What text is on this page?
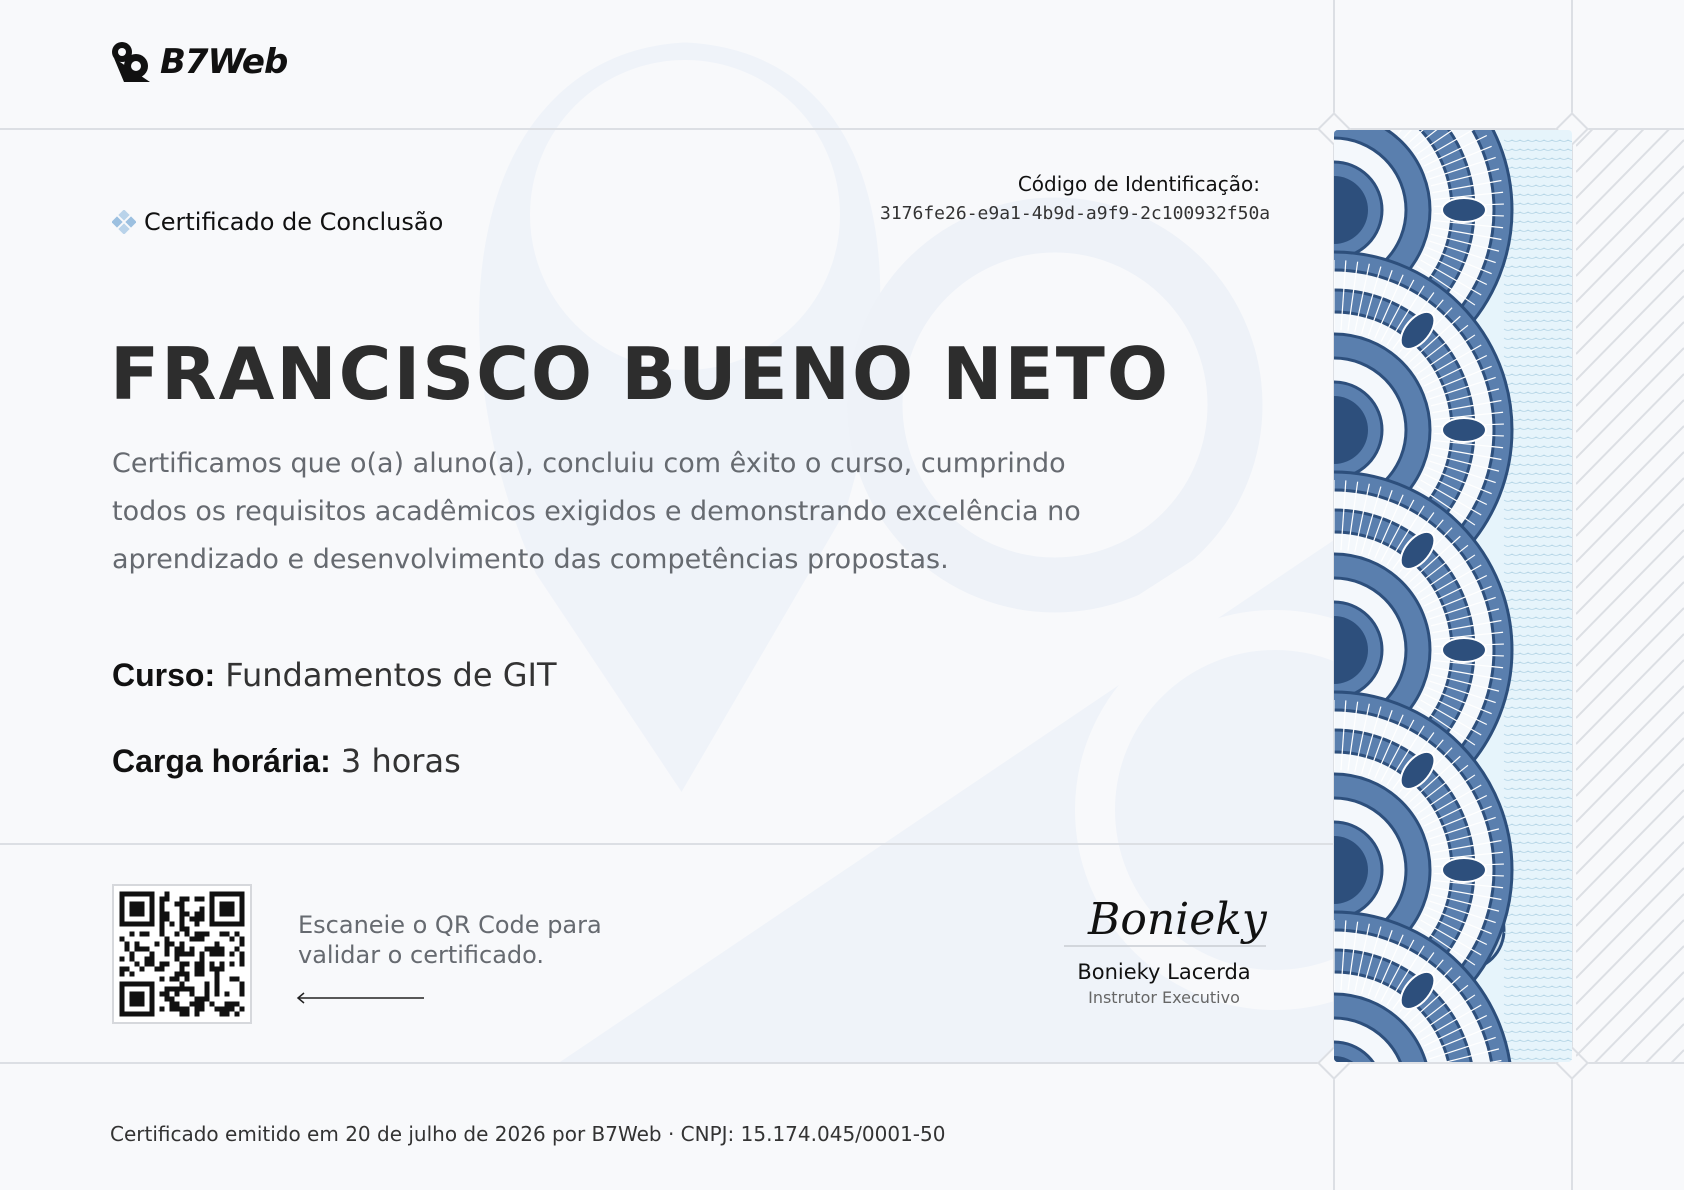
B7Web
Certificado de Conclusão
Código de Identificação:
3176fe26-e9a1-4b9d-a9f9-2c100932f50a
FRANCISCO BUENO NETO
Certificamos que o(a) aluno(a), concluiu com êxito o curso, cumprindo todos os requisitos acadêmicos exigidos e demonstrando excelência no aprendizado e desenvolvimento das competências propostas.
Curso: Fundamentos de GIT
Carga horária: 3 horas
Escaneie o QR Code para
validar o certificado.
Bonieky
Bonieky Lacerda
Instrutor Executivo
Certificado emitido em 20 de julho de 2026 por B7Web · CNPJ: 15.174.045/0001-50
